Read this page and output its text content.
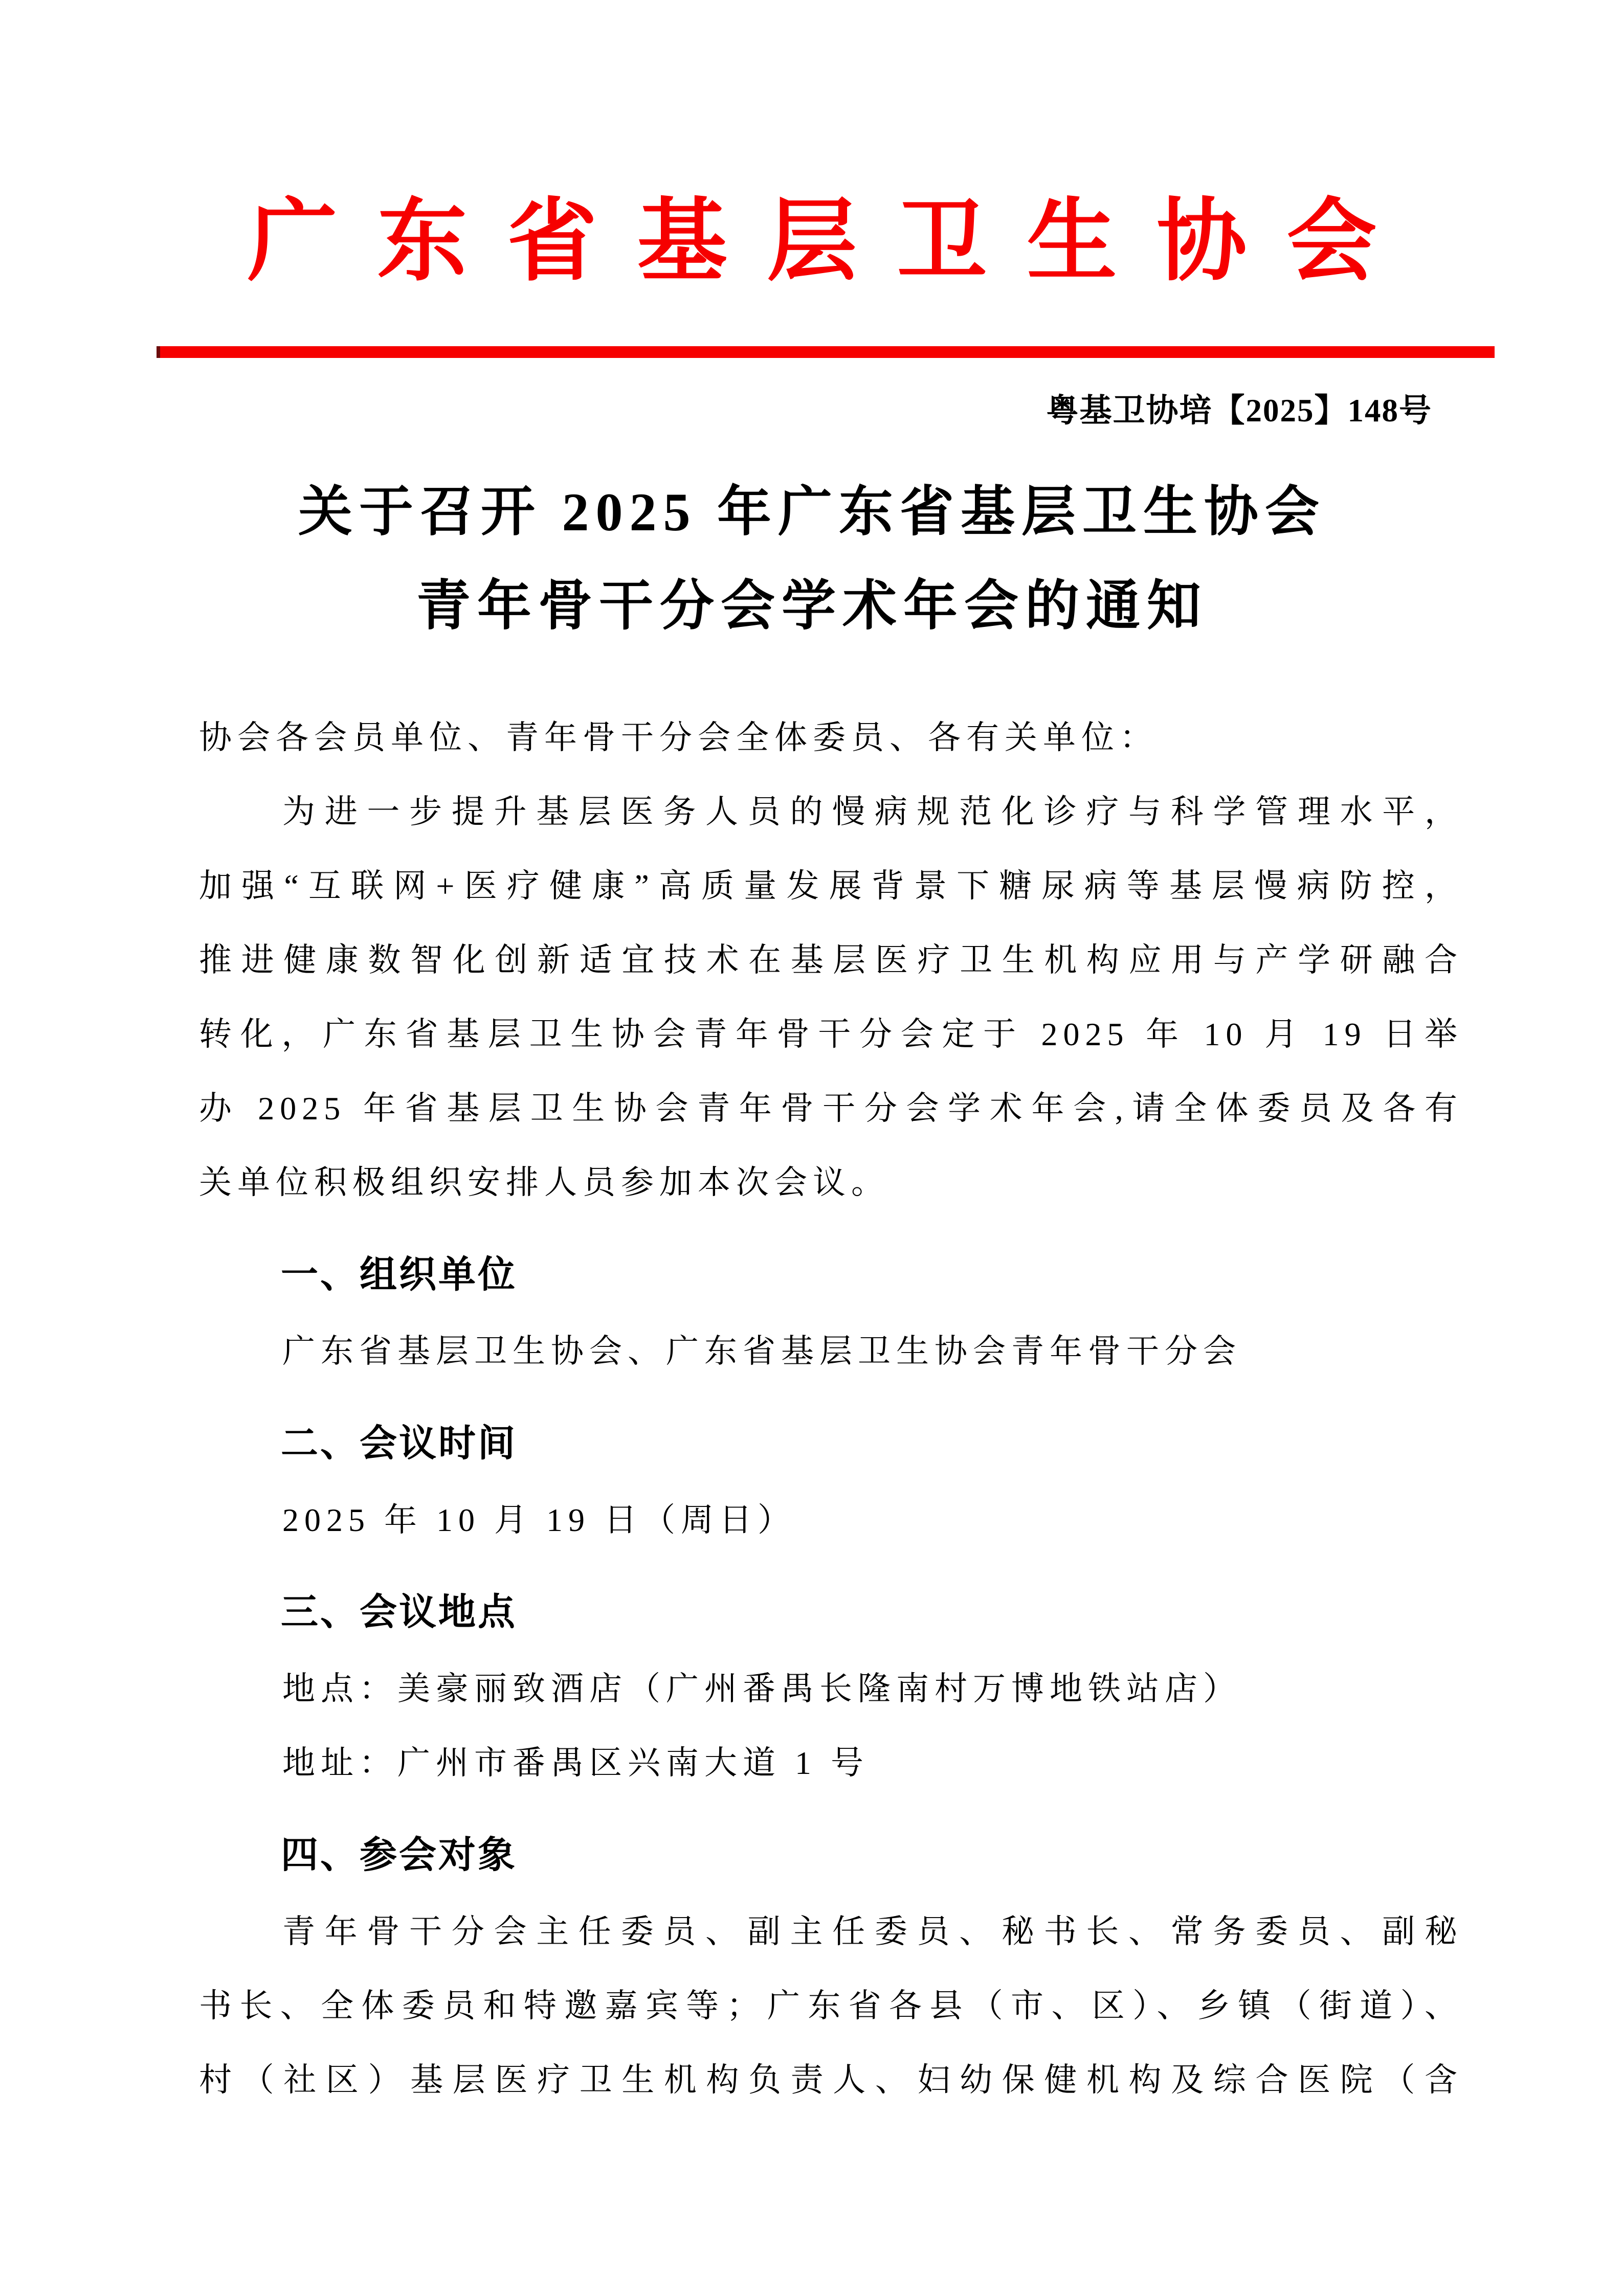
广东省基层卫生协会
粤基卫协培【2025】148号
关于召开 2025 年广东省基层卫生协会
青年骨干分会学术年会的通知
协会各会员单位、青年骨干分会全体委员、各有关单位：
为进一步提升基层医务人员的慢病规范化诊疗与科学管理水平，
加强“互联网+医疗健康”高质量发展背景下糖尿病等基层慢病防控，
推进健康数智化创新适宜技术在基层医疗卫生机构应用与产学研融合
转化，广东省基层卫生协会青年骨干分会定于 2025 年 10 月 19 日举
办 2025 年省基层卫生协会青年骨干分会学术年会,请全体委员及各有
关单位积极组织安排人员参加本次会议。
一、组织单位
广东省基层卫生协会、广东省基层卫生协会青年骨干分会
二、会议时间
2025 年 10 月 19 日（周日）
三、会议地点
地点：美豪丽致酒店（广州番禺长隆南村万博地铁站店）
地址：广州市番禺区兴南大道 1 号
四、参会对象
青年骨干分会主任委员、副主任委员、秘书长、常务委员、副秘
书长、全体委员和特邀嘉宾等；广东省各县（市、区）、乡镇（街道）、
村（社区）基层医疗卫生机构负责人、妇幼保健机构及综合医院（含
